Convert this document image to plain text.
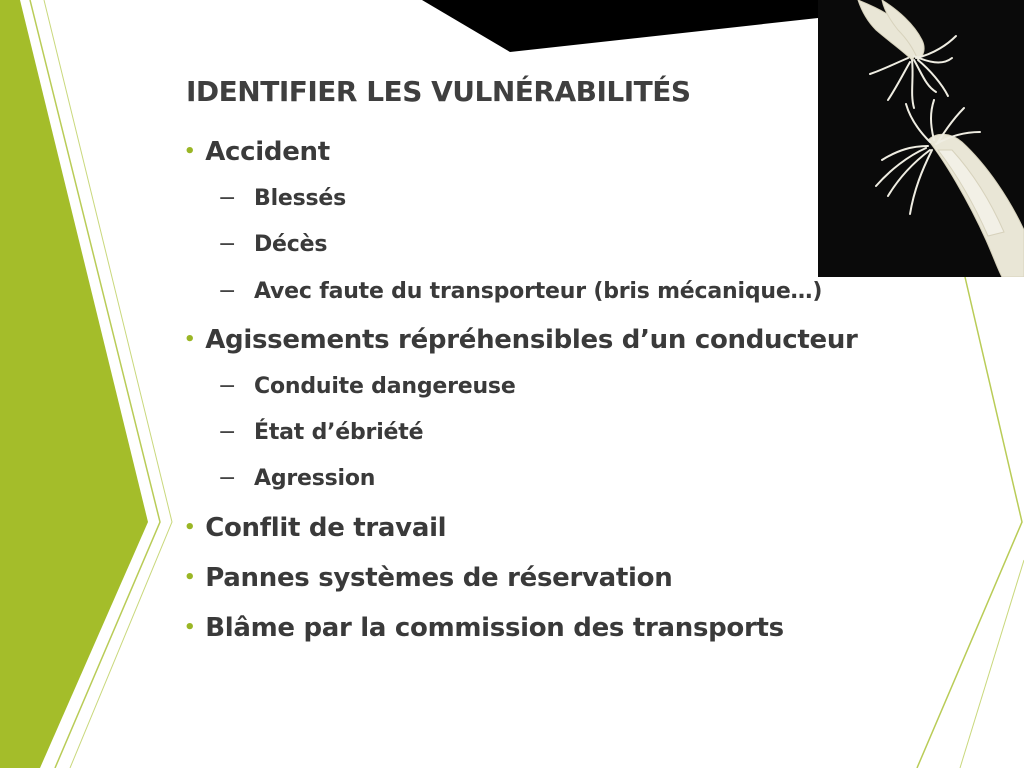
IDENTIFIER LES VULNÉRABILITÉS
• Accident
− Blessés
− Décès
− Avec faute du transporteur (bris mécanique…)
• Agissements répréhensibles d’un conducteur
− Conduite dangereuse
− État d’ébriété
− Agression
• Conflit de travail
• Pannes systèmes de réservation
• Blâme par la commission des transports
